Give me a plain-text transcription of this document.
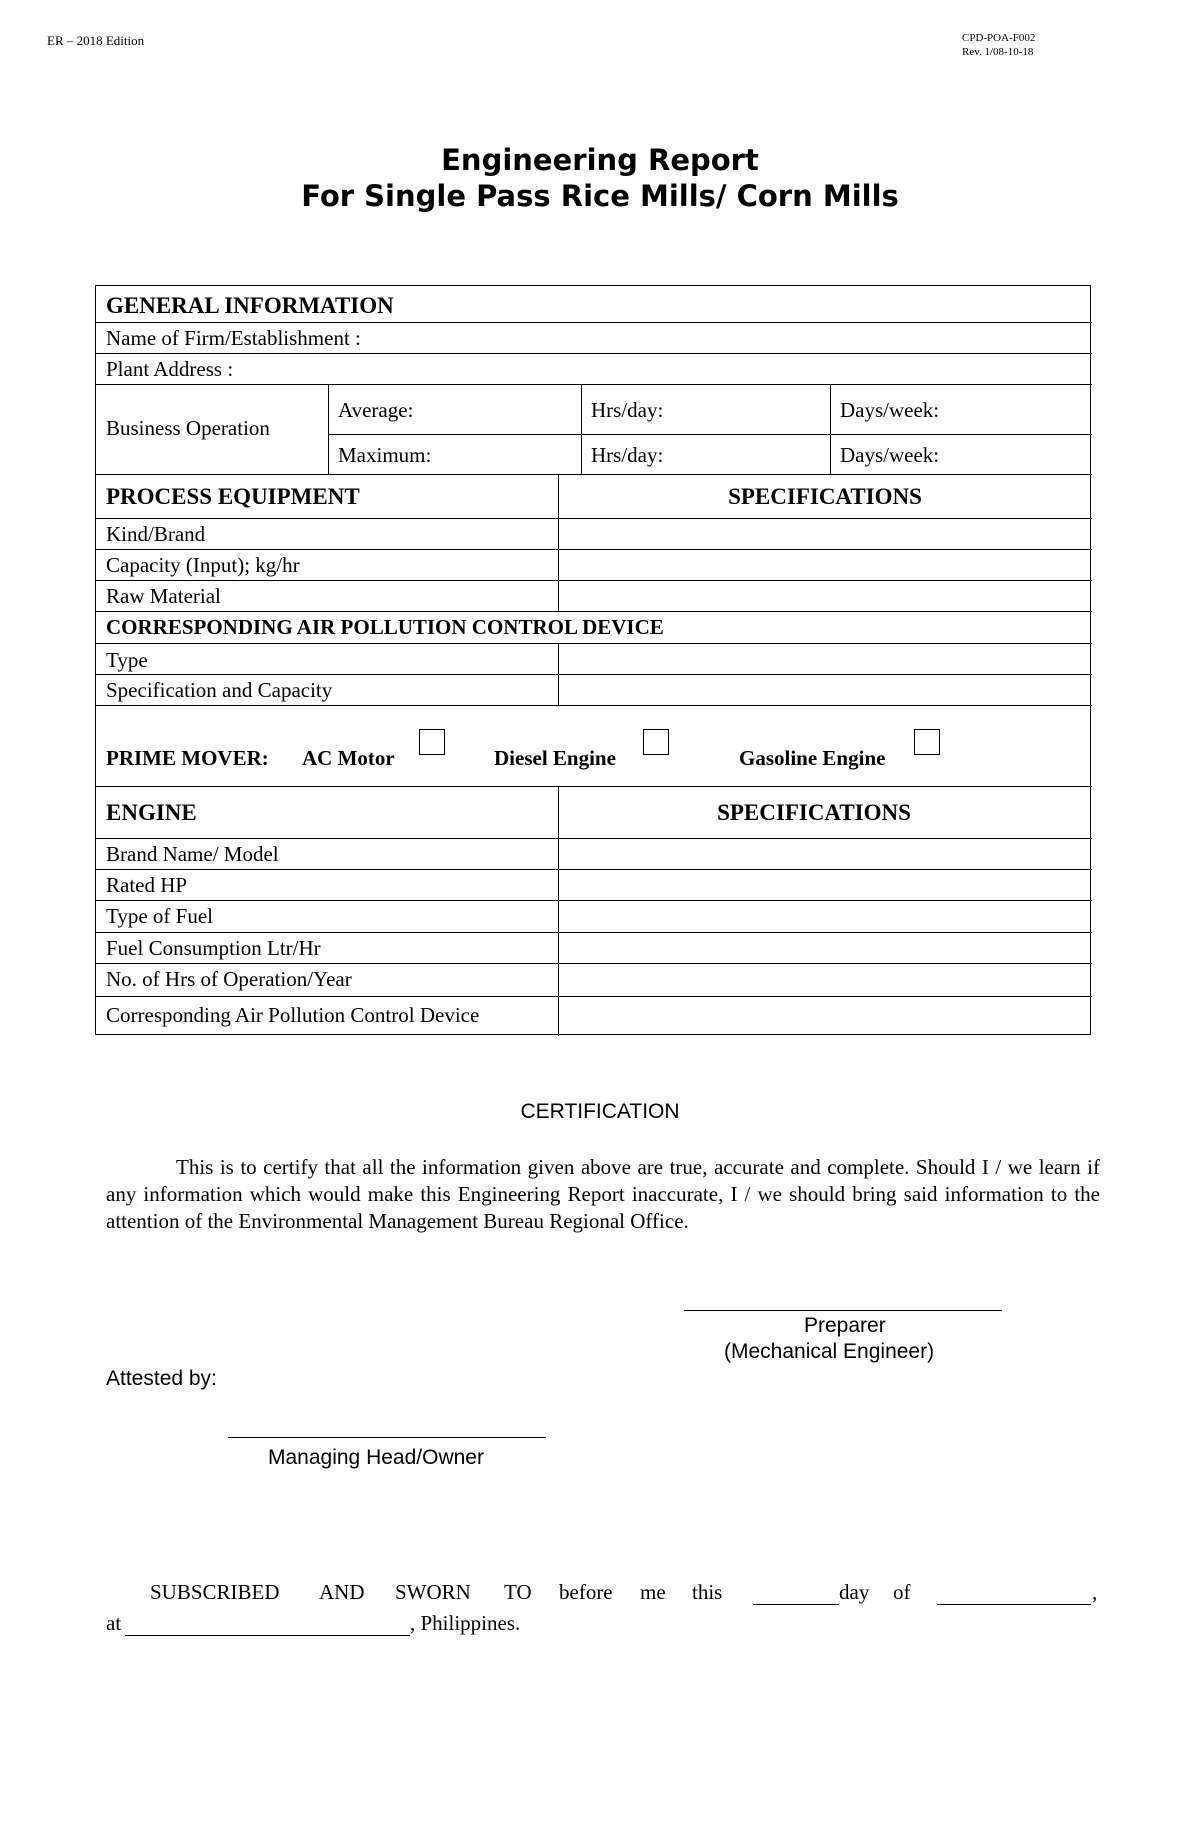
ER – 2018 Edition	CPD-POA-F002
Rev. 1/08-10-18
Engineering Report
For Single Pass Rice Mills/ Corn Mills
GENERAL INFORMATION
Name of Firm/Establishment :
Plant Address :
Business Operation
Average:	Hrs/day:	Days/week:
Maximum:	Hrs/day:	Days/week:
PROCESS EQUIPMENT	SPECIFICATIONS
Kind/Brand
Capacity (Input); kg/hr
Raw Material
CORRESPONDING AIR POLLUTION CONTROL DEVICE
Type
Specification and Capacity
PRIME MOVER: AC Motor	Diesel Engine	Gasoline Engine
ENGINE	SPECIFICATIONS
Brand Name/ Model
Rated HP
Type of Fuel
Fuel Consumption Ltr/Hr
No. of Hrs of Operation/Year
Corresponding Air Pollution Control Device
CERTIFICATION
This is to certify that all the information given above are true, accurate and complete. Should I / we learn if any information which would make this Engineering Report inaccurate, I / we should bring said information to the attention of the Environmental Management Bureau Regional Office.
Preparer
(Mechanical Engineer)
Attested by:
Managing Head/Owner
SUBSCRIBED AND SWORN TO before me this	day of	,
at	, Philippines.
